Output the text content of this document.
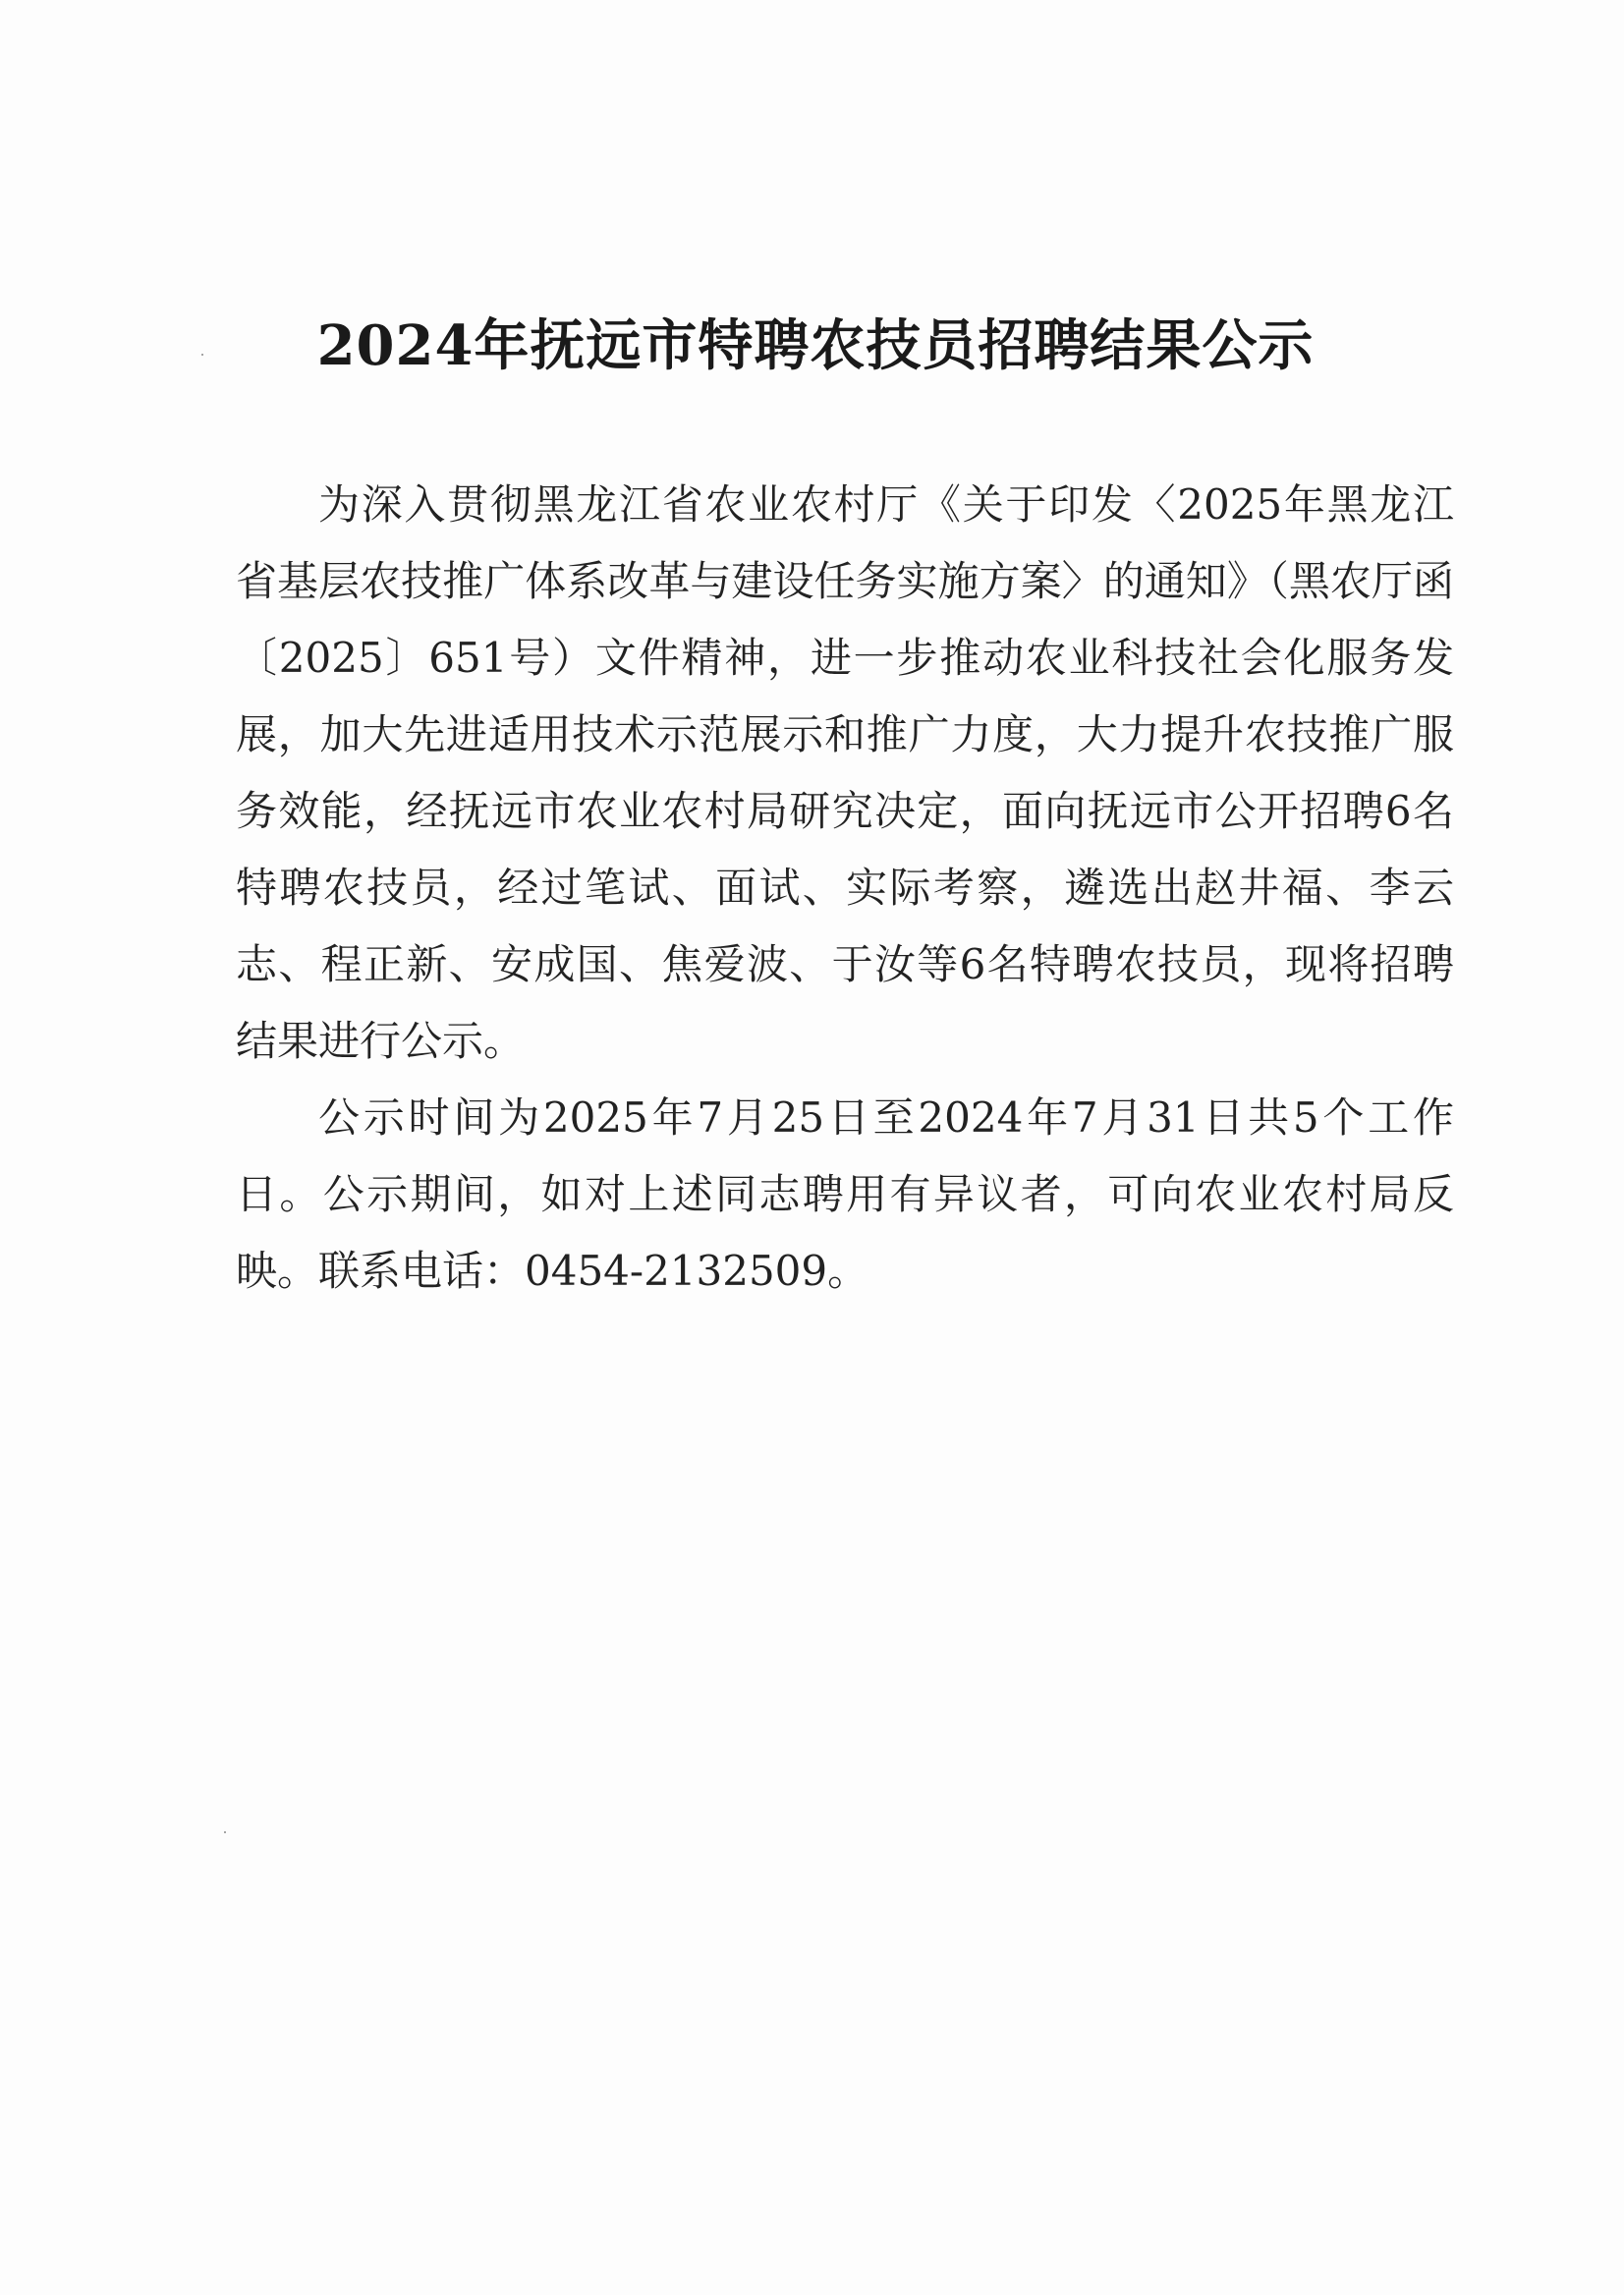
2024年抚远市特聘农技员招聘结果公示

为深入贯彻黑龙江省农业农村厅《关于印发〈2025年黑龙江省基层农技推广体系改革与建设任务实施方案〉的通知》（黑农厅函〔2025〕651号）文件精神，进一步推动农业科技社会化服务发展，加大先进适用技术示范展示和推广力度，大力提升农技推广服务效能，经抚远市农业农村局研究决定，面向抚远市公开招聘6名特聘农技员，经过笔试、面试、实际考察，遴选出赵井福、李云志、程正新、安成国、焦爱波、于汝等6名特聘农技员，现将招聘结果进行公示。

公示时间为2025年7月25日至2024年7月31日共5个工作日。公示期间，如对上述同志聘用有异议者，可向农业农村局反映。联系电话：0454-2132509。
